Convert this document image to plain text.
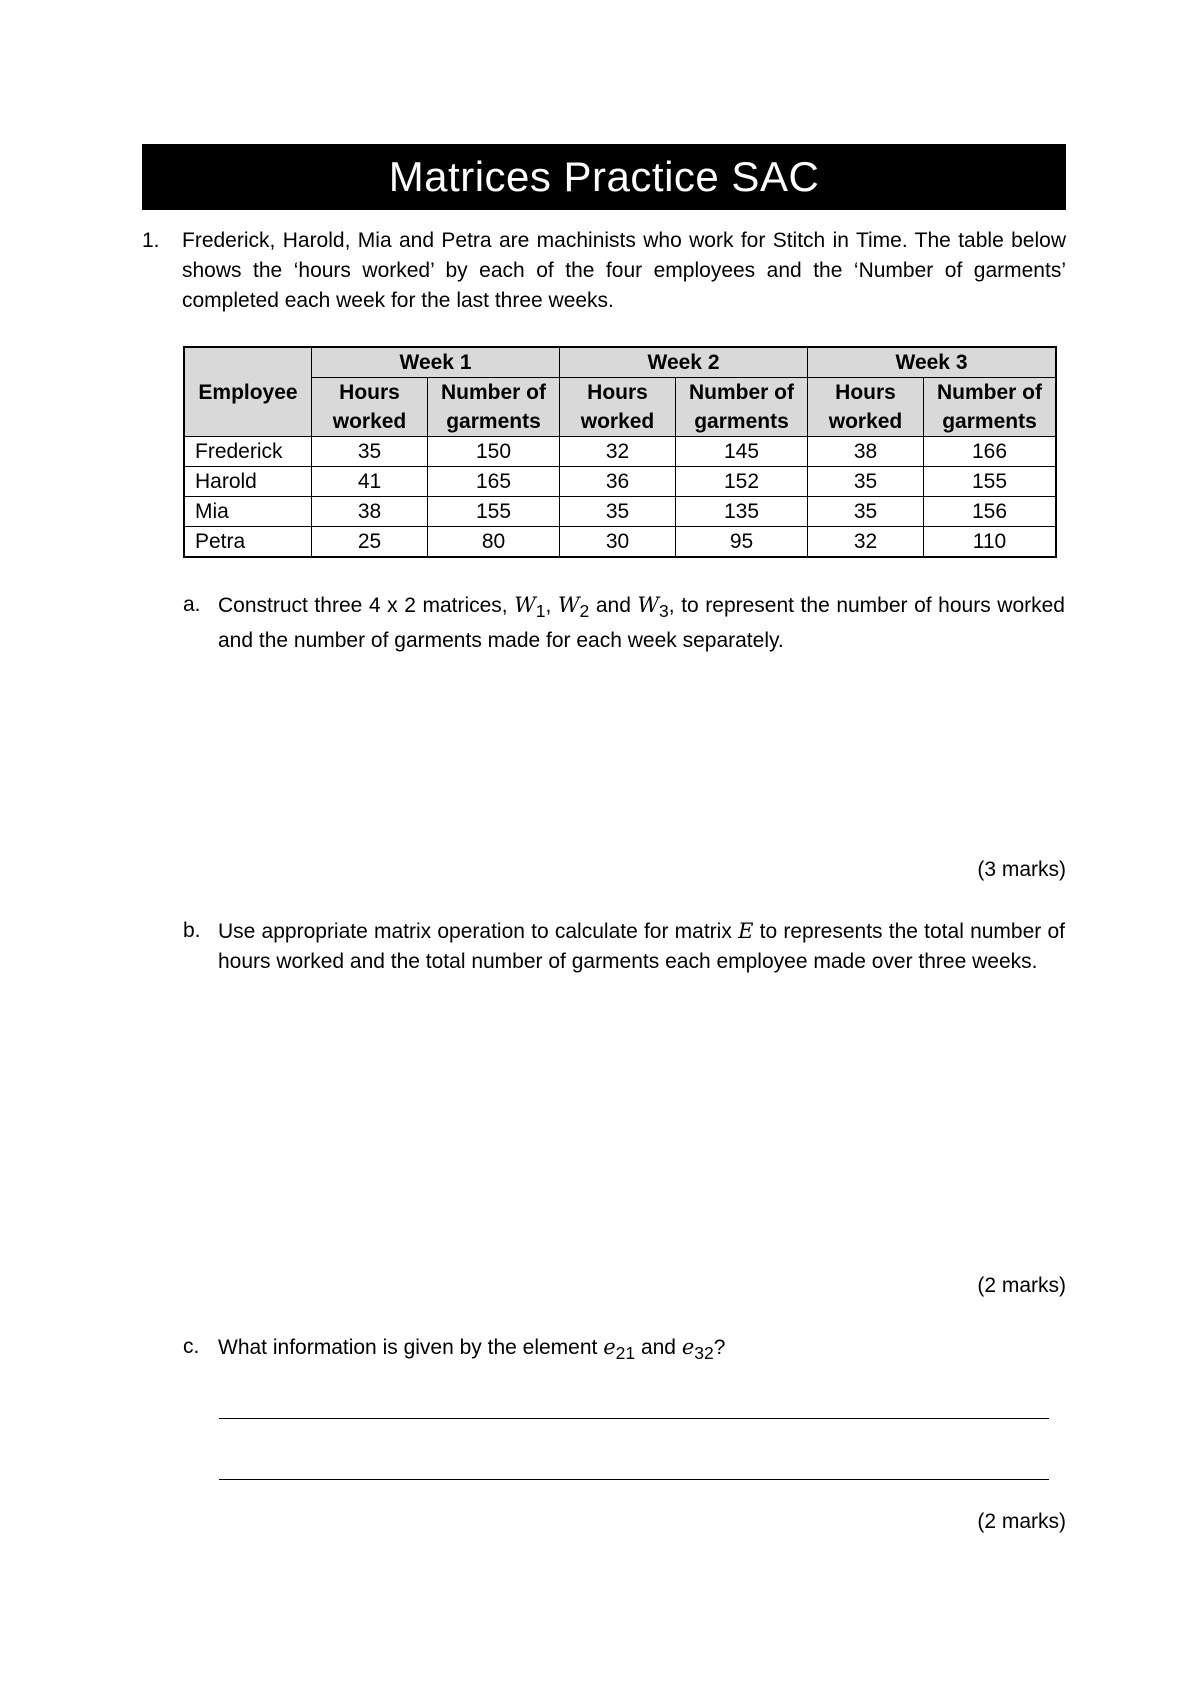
Matrices Practice SAC
1.	Frederick, Harold, Mia and Petra are machinists who work for Stitch in Time. The table below shows the ‘hours worked’ by each of the four employees and the ‘Number of garments’ completed each week for the last three weeks.
Employee	Week 1		Week 2		Week 3	
	Hours worked	Number of garments	Hours worked	Number of garments	Hours worked	Number of garments

Frederick	35	150	32	145	38	166
Harold	41	165	36	152	35	155
Mia	38	155	35	135	35	156
Petra	25	80	30	95	32	110
a. Construct three 4 x 2 matrices, $W_1$, $W_2$ and $W_3$, to represent the number of hours worked and the number of garments made for each week separately.
(3 marks)
b. Use appropriate matrix operation to calculate for matrix E to represents the total number of hours worked and the total number of garments each employee made over three weeks.
(2 marks)
c. What information is given by the element $e_{21}$ and $e_{32}$?
(2 marks)
